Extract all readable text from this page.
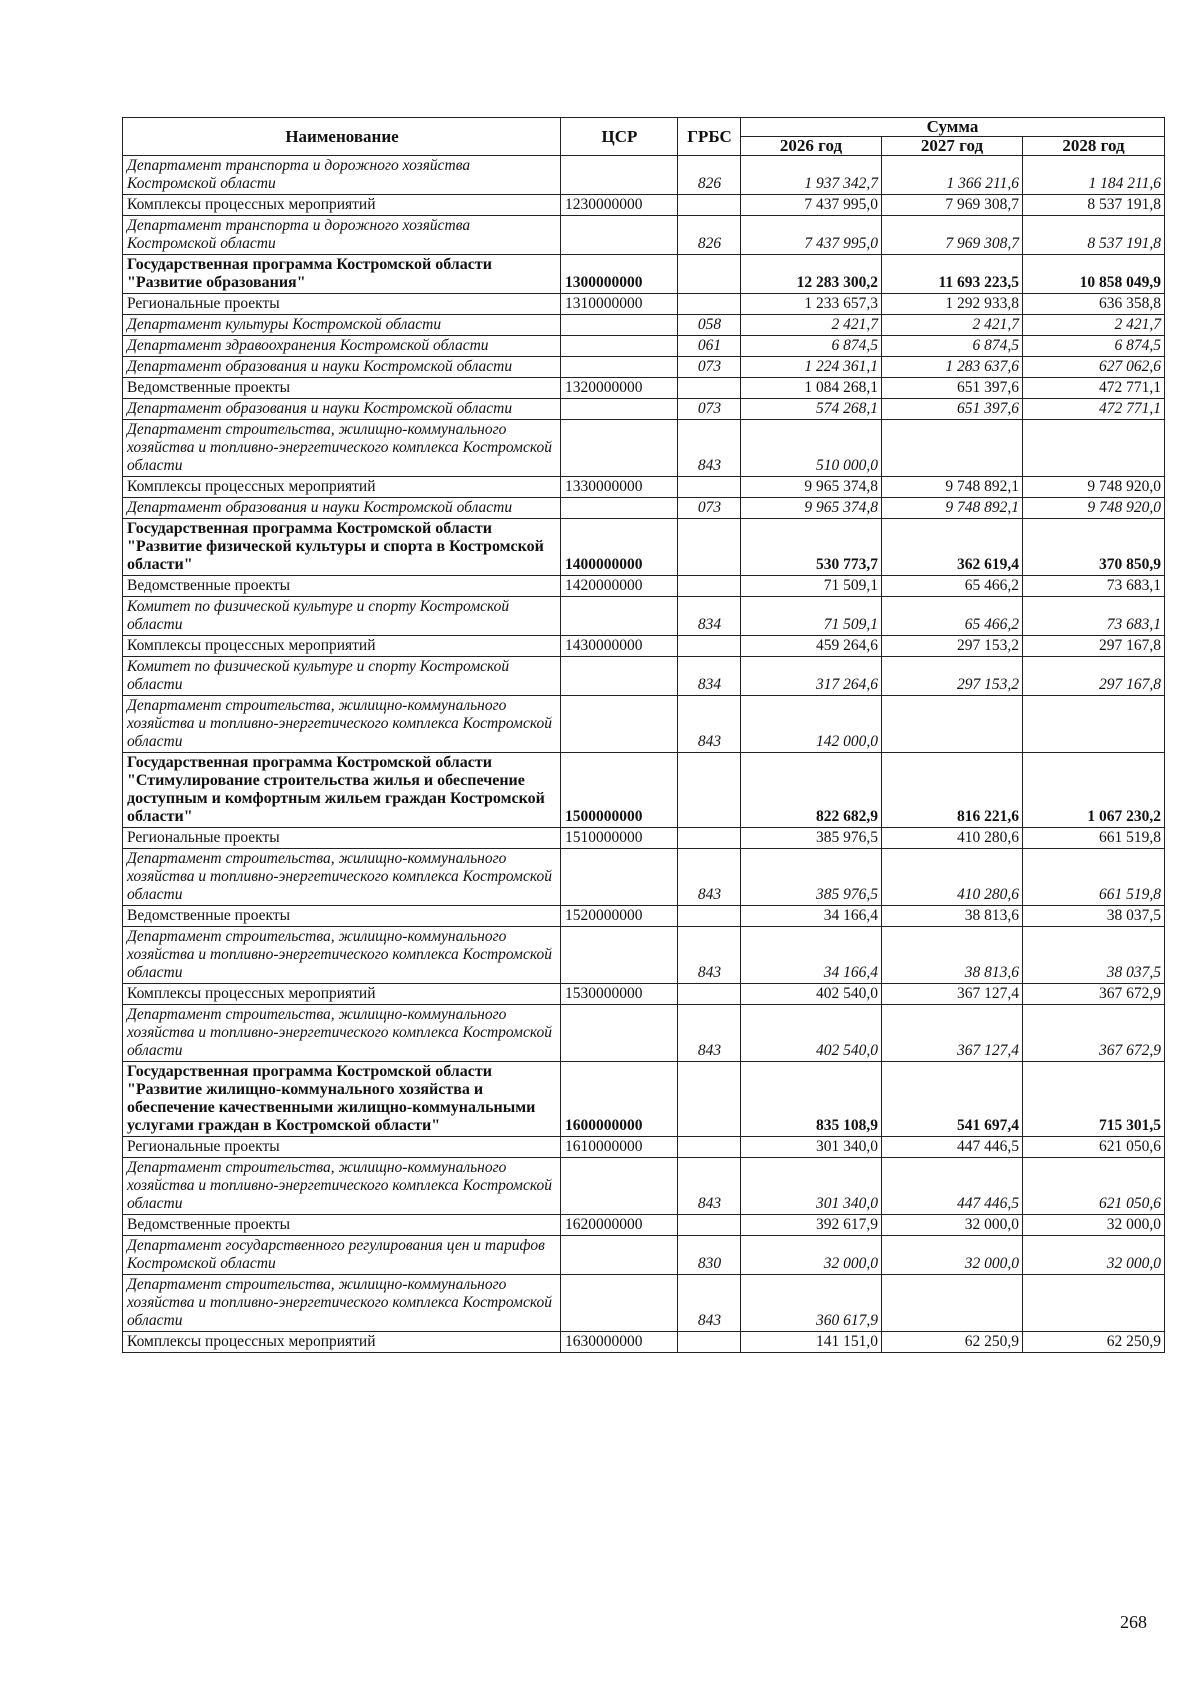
Наименование	ЦСР	ГРБС	Сумма		
			2026 год	2027 год	2028 год
Департамент транспорта и дорожного хозяйства Костромской области		826	1 937 342,7	1 366 211,6	1 184 211,6
Комплексы процессных мероприятий	1230000000		7 437 995,0	7 969 308,7	8 537 191,8
Департамент транспорта и дорожного хозяйства Костромской области		826	7 437 995,0	7 969 308,7	8 537 191,8
Государственная программа Костромской области "Развитие образования"	1300000000		12 283 300,2	11 693 223,5	10 858 049,9
Региональные проекты	1310000000		1 233 657,3	1 292 933,8	636 358,8
Департамент культуры Костромской области		058	2 421,7	2 421,7	2 421,7
Департамент здравоохранения Костромской области		061	6 874,5	6 874,5	6 874,5
Департамент образования и науки Костромской области		073	1 224 361,1	1 283 637,6	627 062,6
Ведомственные проекты	1320000000		1 084 268,1	651 397,6	472 771,1
Департамент образования и науки Костромской области		073	574 268,1	651 397,6	472 771,1
Департамент строительства, жилищно-коммунального хозяйства и топливно-энергетического комплекса Костромской области		843	510 000,0		
Комплексы процессных мероприятий	1330000000		9 965 374,8	9 748 892,1	9 748 920,0
Департамент образования и науки Костромской области		073	9 965 374,8	9 748 892,1	9 748 920,0
Государственная программа Костромской области "Развитие физической культуры и спорта в Костромской области"	1400000000		530 773,7	362 619,4	370 850,9
Ведомственные проекты	1420000000		71 509,1	65 466,2	73 683,1
Комитет по физической культуре и спорту Костромской области		834	71 509,1	65 466,2	73 683,1
Комплексы процессных мероприятий	1430000000		459 264,6	297 153,2	297 167,8
Комитет по физической культуре и спорту Костромской области		834	317 264,6	297 153,2	297 167,8
Департамент строительства, жилищно-коммунального хозяйства и топливно-энергетического комплекса Костромской области		843	142 000,0		
Государственная программа Костромской области "Стимулирование строительства жилья и обеспечение доступным и комфортным жильем граждан Костромской области"	1500000000		822 682,9	816 221,6	1 067 230,2
Региональные проекты	1510000000		385 976,5	410 280,6	661 519,8
Департамент строительства, жилищно-коммунального хозяйства и топливно-энергетического комплекса Костромской области		843	385 976,5	410 280,6	661 519,8
Ведомственные проекты	1520000000		34 166,4	38 813,6	38 037,5
Департамент строительства, жилищно-коммунального хозяйства и топливно-энергетического комплекса Костромской области		843	34 166,4	38 813,6	38 037,5
Комплексы процессных мероприятий	1530000000		402 540,0	367 127,4	367 672,9
Департамент строительства, жилищно-коммунального хозяйства и топливно-энергетического комплекса Костромской области		843	402 540,0	367 127,4	367 672,9
Государственная программа Костромской области "Развитие жилищно-коммунального хозяйства и обеспечение качественными жилищно-коммунальными услугами граждан в Костромской области"	1600000000		835 108,9	541 697,4	715 301,5
Региональные проекты	1610000000		301 340,0	447 446,5	621 050,6
Департамент строительства, жилищно-коммунального хозяйства и топливно-энергетического комплекса Костромской области		843	301 340,0	447 446,5	621 050,6
Ведомственные проекты	1620000000		392 617,9	32 000,0	32 000,0
Департамент государственного регулирования цен и тарифов Костромской области		830	32 000,0	32 000,0	32 000,0
Департамент строительства, жилищно-коммунального хозяйства и топливно-энергетического комплекса Костромской области		843	360 617,9		
Комплексы процессных мероприятий	1630000000		141 151,0	62 250,9	62 250,9
268
